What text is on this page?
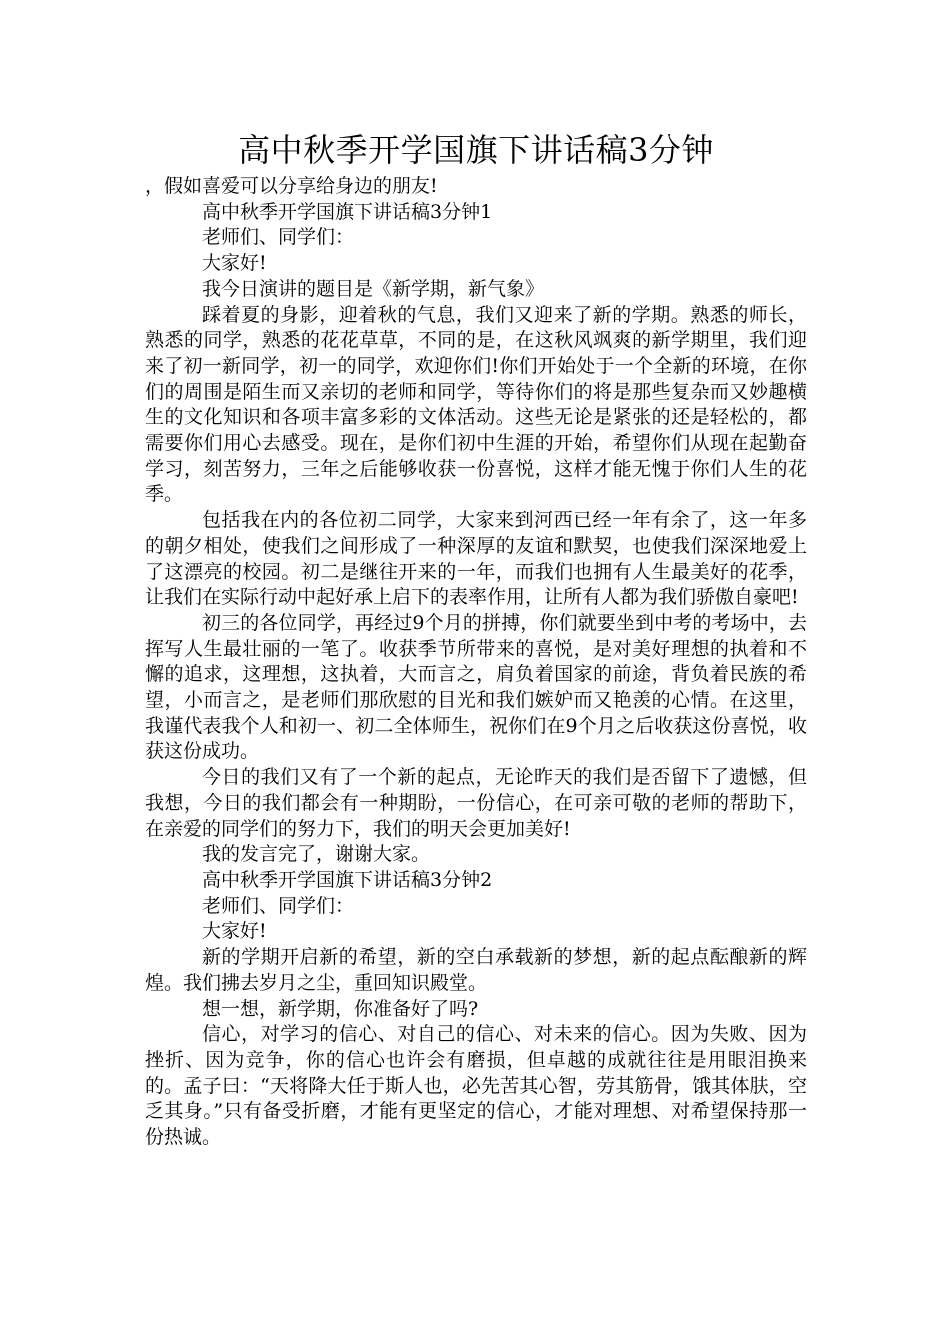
高中秋季开学国旗下讲话稿3分钟

，假如喜爱可以分享给身边的朋友!

高中秋季开学国旗下讲话稿3分钟1

老师们、同学们：

大家好!

我今日演讲的题目是《新学期，新气象》

踩着夏的身影，迎着秋的气息，我们又迎来了新的学期。熟悉的师长，熟悉的同学，熟悉的花花草草，不同的是，在这秋风飒爽的新学期里，我们迎来了初一新同学，初一的同学，欢迎你们!你们开始处于一个全新的环境，在你们的周围是陌生而又亲切的老师和同学，等待你们的将是那些复杂而又妙趣横生的文化知识和各项丰富多彩的文体活动。这些无论是紧张的还是轻松的，都需要你们用心去感受。现在，是你们初中生涯的开始，希望你们从现在起勤奋学习，刻苦努力，三年之后能够收获一份喜悦，这样才能无愧于你们人生的花季。

包括我在内的各位初二同学，大家来到河西已经一年有余了，这一年多的朝夕相处，使我们之间形成了一种深厚的友谊和默契，也使我们深深地爱上了这漂亮的校园。初二是继往开来的一年，而我们也拥有人生最美好的花季，让我们在实际行动中起好承上启下的表率作用，让所有人都为我们骄傲自豪吧!

初三的各位同学，再经过9个月的拼搏，你们就要坐到中考的考场中，去挥写人生最壮丽的一笔了。收获季节所带来的喜悦，是对美好理想的执着和不懈的追求，这理想，这执着，大而言之，肩负着国家的前途，背负着民族的希望，小而言之，是老师们那欣慰的目光和我们嫉妒而又艳羡的心情。在这里，我谨代表我个人和初一、初二全体师生，祝你们在9个月之后收获这份喜悦，收获这份成功。

今日的我们又有了一个新的起点，无论昨天的我们是否留下了遗憾，但我想，今日的我们都会有一种期盼，一份信心，在可亲可敬的老师的帮助下，在亲爱的同学们的努力下，我们的明天会更加美好!

我的发言完了，谢谢大家。

高中秋季开学国旗下讲话稿3分钟2

老师们、同学们：

大家好!

新的学期开启新的希望，新的空白承载新的梦想，新的起点酝酿新的辉煌。我们拂去岁月之尘，重回知识殿堂。

想一想，新学期，你准备好了吗?

信心，对学习的信心、对自己的信心、对未来的信心。因为失败、因为挫折、因为竞争，你的信心也许会有磨损，但卓越的成就往往是用眼泪换来的。孟子曰：“天将降大任于斯人也，必先苦其心智，劳其筋骨，饿其体肤，空乏其身。”只有备受折磨，才能有更坚定的信心，才能对理想、对希望保持那一份热诚。
